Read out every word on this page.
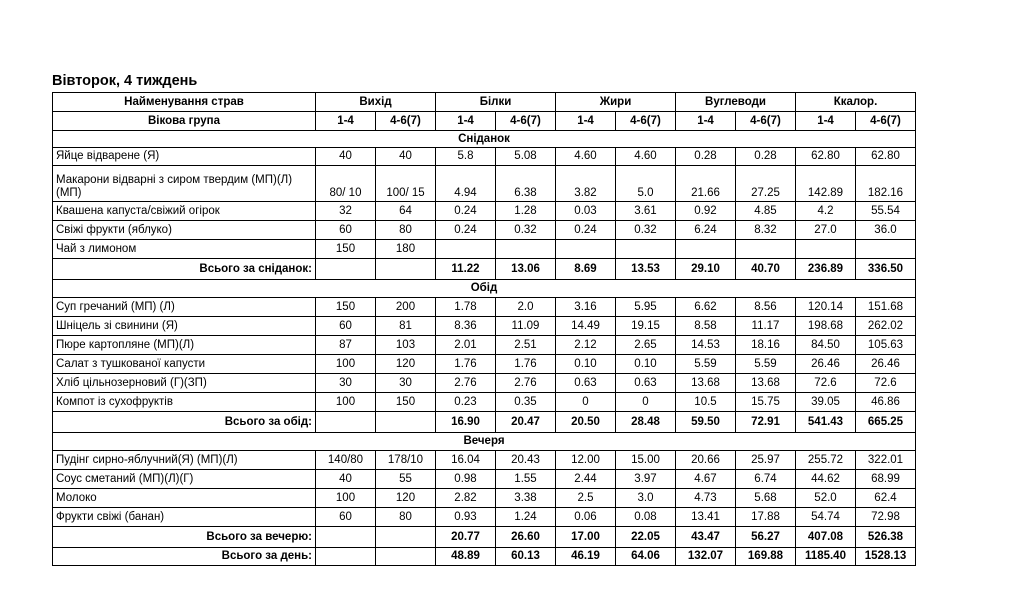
Вівторок, 4 тиждень
Найменування страв	Вихід		Білки		Жири		Вуглеводи		Ккалор.	
Вікова група	1-4	4-6(7)	1-4	4-6(7)	1-4	4-6(7)	1-4	4-6(7)	1-4	4-6(7)
Сніданок										
Яйце відварене (Я)	40	40	5.8	5.08	4.60	4.60	0.28	0.28	62.80	62.80
Макарони відварні з сиром твердим (МП)(Л)(МП)	80/ 10	100/ 15	4.94	6.38	3.82	5.0	21.66	27.25	142.89	182.16
Квашена капуста/свіжий огірок	32	64	0.24	1.28	0.03	3.61	0.92	4.85	4.2	55.54
Свіжі фрукти (яблуко)	60	80	0.24	0.32	0.24	0.32	6.24	8.32	27.0	36.0
Чай з лимоном	150	180								
Всього за сніданок:			11.22	13.06	8.69	13.53	29.10	40.70	236.89	336.50
Обід										
Суп гречаний (МП) (Л)	150	200	1.78	2.0	3.16	5.95	6.62	8.56	120.14	151.68
Шніцель зі свинини (Я)	60	81	8.36	11.09	14.49	19.15	8.58	11.17	198.68	262.02
Пюре картопляне (МП)(Л)	87	103	2.01	2.51	2.12	2.65	14.53	18.16	84.50	105.63
Салат з тушкованої капусти	100	120	1.76	1.76	0.10	0.10	5.59	5.59	26.46	26.46
Хліб цільнозерновий (Г)(ЗП)	30	30	2.76	2.76	0.63	0.63	13.68	13.68	72.6	72.6
Компот із сухофруктів	100	150	0.23	0.35	0	0	10.5	15.75	39.05	46.86
Всього за обід:			16.90	20.47	20.50	28.48	59.50	72.91	541.43	665.25
Вечеря										
Пудінг сирно-яблучний(Я) (МП)(Л)	140/80	178/10	16.04	20.43	12.00	15.00	20.66	25.97	255.72	322.01
Соус сметаний (МП)(Л)(Г)	40	55	0.98	1.55	2.44	3.97	4.67	6.74	44.62	68.99
Молоко	100	120	2.82	3.38	2.5	3.0	4.73	5.68	52.0	62.4
Фрукти свіжі (банан)	60	80	0.93	1.24	0.06	0.08	13.41	17.88	54.74	72.98
Всього за вечерю:			20.77	26.60	17.00	22.05	43.47	56.27	407.08	526.38
Всього за день:			48.89	60.13	46.19	64.06	132.07	169.88	1185.40	1528.13
